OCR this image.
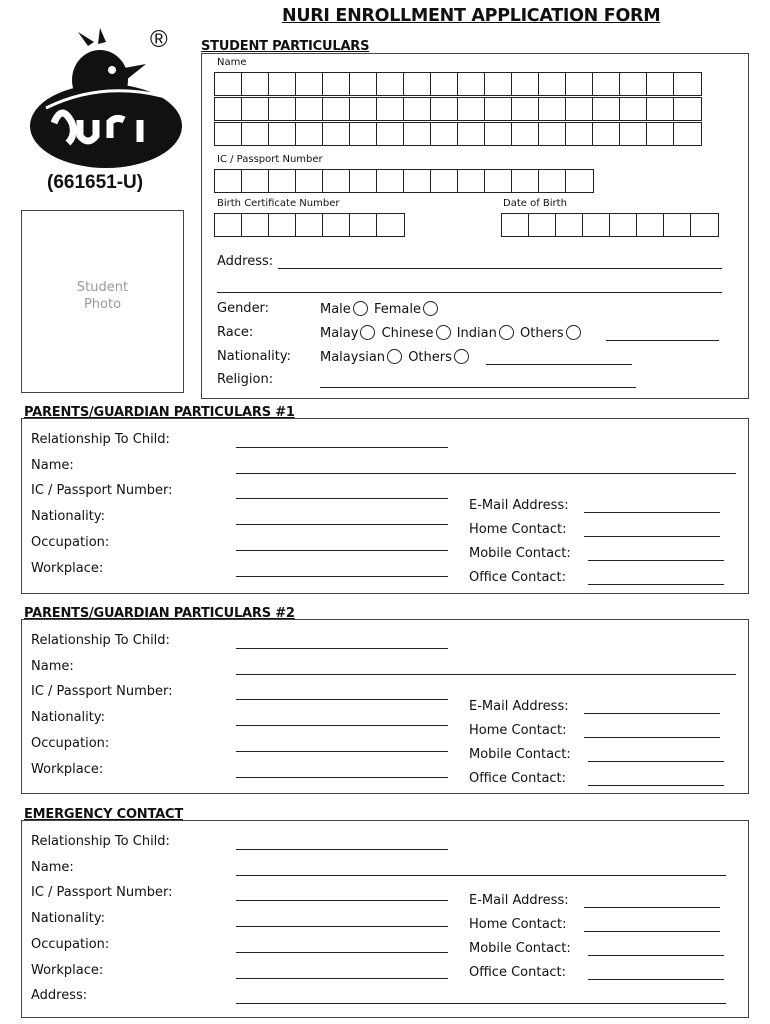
NURI ENROLLMENT APPLICATION FORM
®
(661651-U)
Student
Photo
STUDENT PARTICULARS
Name
IC / Passport Number
Birth Certificate Number	Date of Birth
Address:
Gender:	Male Female
Race:	Malay Chinese Indian Others
Nationality: Malaysian Others
Religion:
PARENTS/GUARDIAN PARTICULARS #1
Relationship To Child:
Name:
IC / Passport Number:
Nationality:
Occupation:
Workplace:
E-Mail Address:
Home Contact:
Mobile Contact:
Office Contact:
PARENTS/GUARDIAN PARTICULARS #2
Relationship To Child:
Name:
IC / Passport Number:
Nationality:
Occupation:
Workplace:
E-Mail Address:
Home Contact:
Mobile Contact:
Office Contact:
EMERGENCY CONTACT
Relationship To Child:
Name:
IC / Passport Number:
Nationality:
Occupation:
Workplace:
Address:
E-Mail Address:
Home Contact:
Mobile Contact:
Office Contact:
